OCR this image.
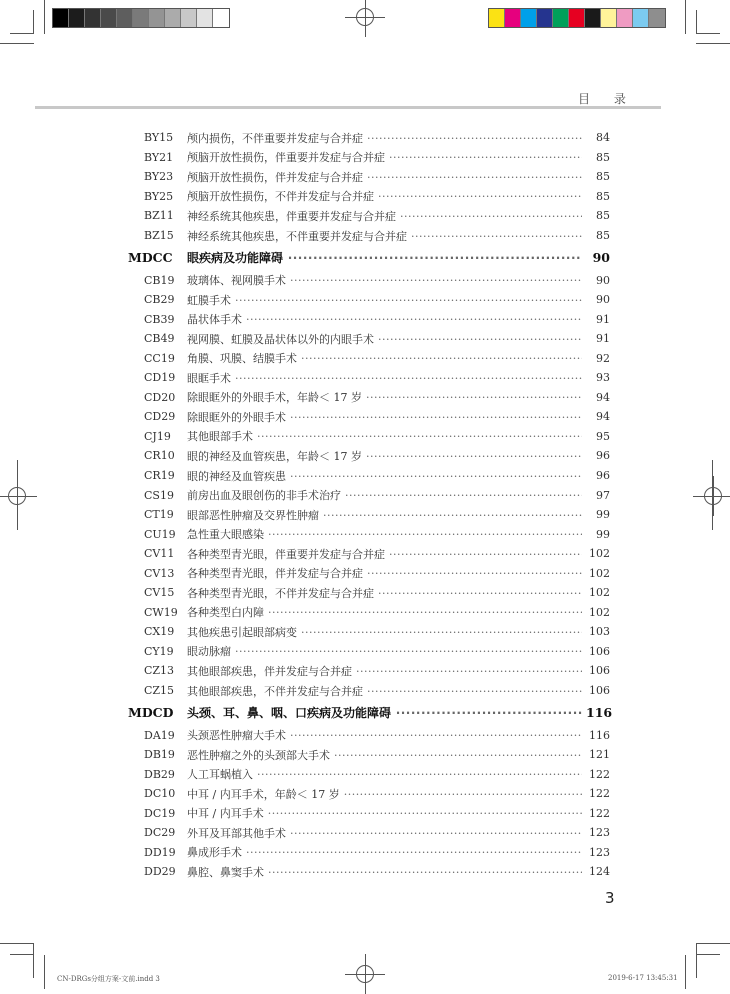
目 录
BY15	颅内损伤，不伴重要并发症与合并症 ·····	84
BY21	颅脑开放性损伤，伴重要并发症与合并症 ·····	85
BY23	颅脑开放性损伤，伴并发症与合并症 ·····	85
BY25	颅脑开放性损伤，不伴并发症与合并症 ·····	85
BZ11	神经系统其他疾患，伴重要并发症与合并症 ·····	85
BZ15	神经系统其他疾患，不伴重要并发症与合并症 ·····	85
MDCC 眼疾病及功能障碍 ·····	90
CB19	玻璃体、视网膜手术 ·····	90
CB29	虹膜手术 ·····	90
CB39	晶状体手术 ·····	91
CB49	视网膜、虹膜及晶状体以外的内眼手术 ·····	91
CC19	角膜、巩膜、结膜手术 ·····	92
CD19	眼眶手术 ·····	93
CD20	除眼眶外的外眼手术，年龄＜ 17 岁 ·····	94
CD29	除眼眶外的外眼手术 ·····	94
CJ19	其他眼部手术 ·····	95
CR10	眼的神经及血管疾患，年龄＜ 17 岁 ·····	96
CR19	眼的神经及血管疾患 ·····	96
CS19	前房出血及眼创伤的非手术治疗 ·····	97
CT19	眼部恶性肿瘤及交界性肿瘤 ·····	99
CU19	急性重大眼感染 ·····	99
CV11	各种类型青光眼，伴重要并发症与合并症 ·····	102
CV13	各种类型青光眼，伴并发症与合并症 ·····	102
CV15	各种类型青光眼，不伴并发症与合并症 ·····	102
CW19 各种类型白内障 ·····	102
CX19	其他疾患引起眼部病变 ·····	103
CY19	眼动脉瘤 ·····	106
CZ13	其他眼部疾患，伴并发症与合并症 ·····	106
CZ15	其他眼部疾患，不伴并发症与合并症 ·····	106
MDCD 头颈、耳、鼻、咽、口疾病及功能障碍 ·····	116
DA19	头颈恶性肿瘤大手术 ·····	116
DB19	恶性肿瘤之外的头颈部大手术 ·····	121
DB29	人工耳蜗植入 ·····	122
DC10	中耳 / 内耳手术，年龄＜ 17 岁 ·····	122
DC19	中耳 / 内耳手术 ·····	122
DC29	外耳及耳部其他手术 ·····	123
DD19	鼻成形手术 ·····	123
DD29	鼻腔、鼻窦手术 ·····	124
3
CN-DRGs分组方案-文前.indd 3	2019-6-17 13:45:31
